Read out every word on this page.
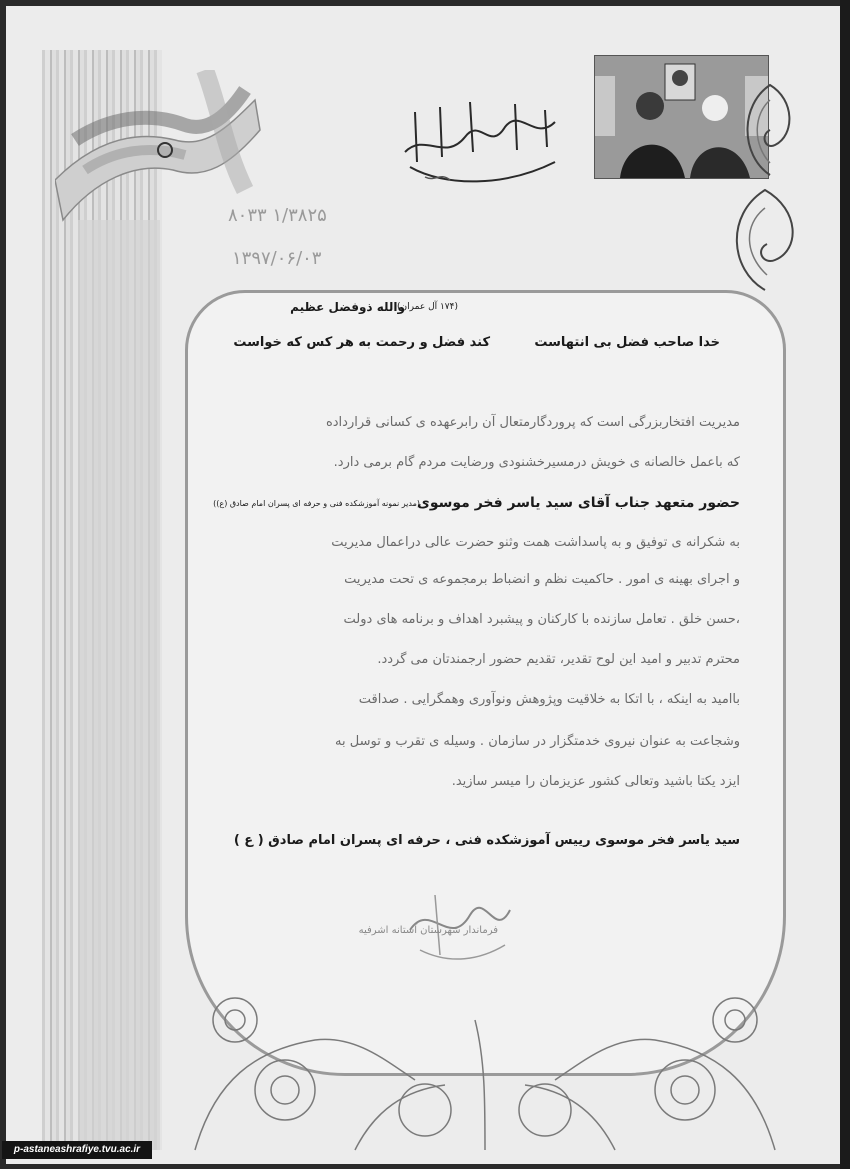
۸۰۳۳ ۱/۳۸۲۵
۱۳۹۷/۰۶/۰۳
والله ذوفضل عظیم
(۱۷۴ آل عمران)
خدا صاحب فضل بی انتهاست
کند فضل و رحمت به هر کس که خواست
مدیریت افتخاربزرگی است که پروردگارمتعال آن رابرعهده ی کسانی قرارداده
که باعمل خالصانه ی خویش درمسیرخشنودی ورضایت مردم گام برمی دارد.
حضور متعهد جناب آقای سید یاسر فخر موسوی
(مدیر نمونه آموزشکده فنی و حرفه ای پسران امام صادق (ع))
به شکرانه ی توفیق و به پاسداشت همت وثنو حضرت عالی دراعمال مدیریت
و اجرای بهینه ی امور . حاکمیت نظم و انضباط برمجموعه ی تحت مدیریت
،حسن خلق . تعامل سازنده با کارکنان و پیشبرد اهداف و برنامه های دولت
محترم تدبیر و امید این لوح تقدیر، تقدیم حضور ارجمندتان می گردد.
باامید به اینکه ، با اتکا به خلاقیت وپژوهش ونوآوری وهمگرایی . صداقت
وشجاعت به عنوان نیروی خدمتگزار در سازمان . وسیله ی تقرب و توسل به
ایزد یکتا باشید وتعالی کشور عزیزمان را میسر سازید.
سید یاسر فخر موسوی رییس آموزشکده فنی ، حرفه ای پسران امام صادق ( ع )
فرماندار شهرستان آستانه اشرفیه
p-astaneashrafiye.tvu.ac.ir
